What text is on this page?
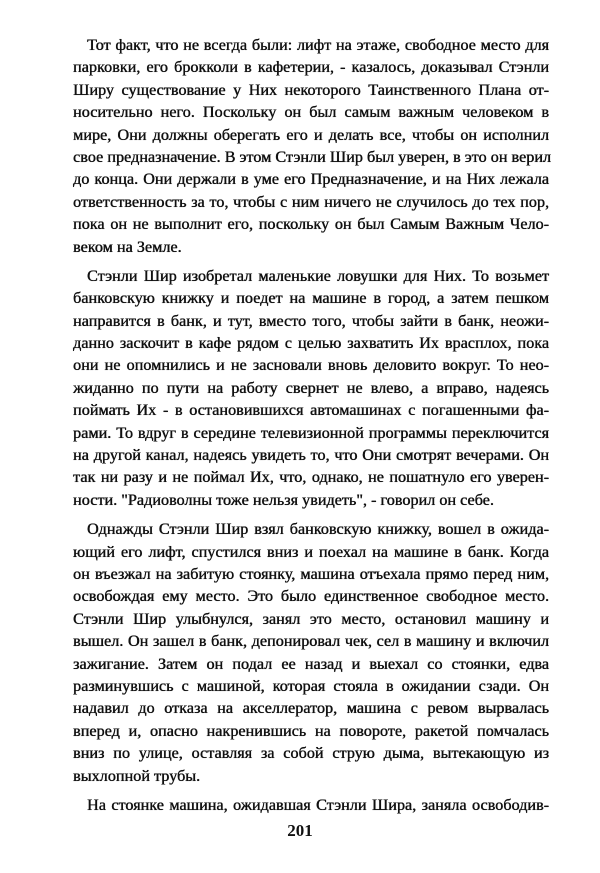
Тот факт, что не всегда были: лифт на этаже, свободное место для
парковки, его брокколи в кафетерии, - казалось, доказывал Стэнли
Ширу существование у Них некоторого Таинственного Плана от-
носительно него. Поскольку он был самым важным человеком в
мире, Они должны оберегать его и делать все, чтобы он исполнил
свое предназначение. В этом Стэнли Шир был уверен, в это он верил
до конца. Они держали в уме его Предназначение, и на Них лежала
ответственность за то, чтобы с ним ничего не случилось до тех пор,
пока он не выполнит его, поскольку он был Самым Важным Чело-
веком на Земле.
Стэнли Шир изобретал маленькие ловушки для Них. То возьмет
банковскую книжку и поедет на машине в город, а затем пешком
направится в банк, и тут, вместо того, чтобы зайти в банк, неожи-
данно заскочит в кафе рядом с целью захватить Их врасплох, пока
они не опомнились и не засновали вновь деловито вокруг. То нео-
жиданно по пути на работу свернет не влево, а вправо, надеясь
поймать Их - в остановившихся автомашинах с погашенными фа-
рами. То вдруг в середине телевизионной программы переключится
на другой канал, надеясь увидеть то, что Они смотрят вечерами. Он
так ни разу и не поймал Их, что, однако, не пошатнуло его уверен-
ности. "Радиоволны тоже нельзя увидеть", - говорил он себе.
Однажды Стэнли Шир взял банковскую книжку, вошел в ожида-
ющий его лифт, спустился вниз и поехал на машине в банк. Когда
он въезжал на забитую стоянку, машина отъехала прямо перед ним,
освобождая ему место. Это было единственное свободное место.
Стэнли Шир улыбнулся, занял это место, остановил машину и
вышел. Он зашел в банк, депонировал чек, сел в машину и включил
зажигание. Затем он подал ее назад и выехал со стоянки, едва
разминувшись с машиной, которая стояла в ожидании сзади. Он
надавил до отказа на акселлератор, машина с ревом вырвалась
вперед и, опасно накренившись на повороте, ракетой помчалась
вниз по улице, оставляя за собой струю дыма, вытекающую из
выхлопной трубы.
На стоянке машина, ожидавшая Стэнли Шира, заняла освободив-
201
